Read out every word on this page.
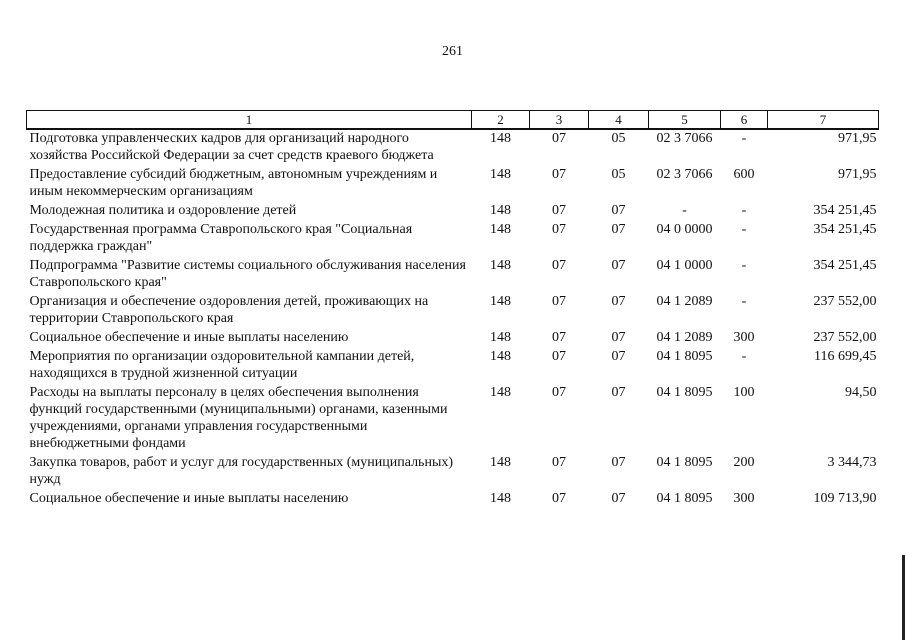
261
1	2	3	4	5	6	7
Подготовка управленческих кадров для организаций народного хозяйства Российской Федерации за счет средств краевого бюджета	148	07	05	02 3 7066	-	971,95
Предоставление субсидий бюджетным, автономным учреждениям и иным некоммерческим организациям	148	07	05	02 3 7066	600	971,95
Молодежная политика и оздоровление детей	148	07	07	-	-	354 251,45
Государственная программа Ставропольского края "Социальная поддержка граждан"	148	07	07	04 0 0000	-	354 251,45
Подпрограмма "Развитие системы социального обслуживания населения Ставропольского края"	148	07	07	04 1 0000	-	354 251,45
Организация и обеспечение оздоровления детей, проживающих на территории Ставропольского края	148	07	07	04 1 2089	-	237 552,00
Социальное обеспечение и иные выплаты населению	148	07	07	04 1 2089	300	237 552,00
Мероприятия по организации оздоровительной кампании детей, находящихся в трудной жизненной ситуации	148	07	07	04 1 8095	-	116 699,45
Расходы на выплаты персоналу в целях обеспечения выполнения функций государственными (муниципальными) органами, казенными учреждениями, органами управления государственными внебюджетными фондами	148	07	07	04 1 8095	100	94,50
Закупка товаров, работ и услуг для государственных (муниципальных) нужд	148	07	07	04 1 8095	200	3 344,73
Социальное обеспечение и иные выплаты населению	148	07	07	04 1 8095	300	109 713,90
